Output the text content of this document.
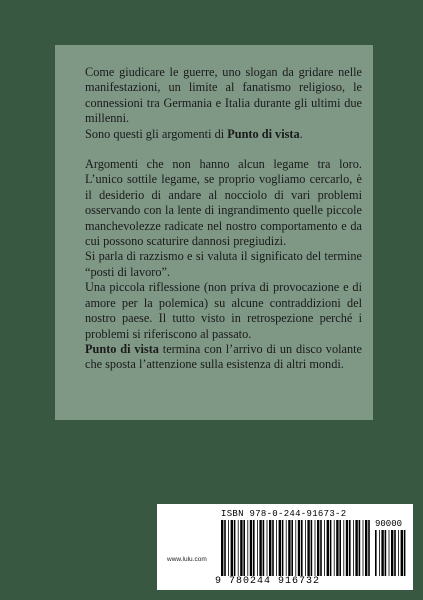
Come giudicare le guerre, uno slogan da gridare nelle manifestazioni, un limite al fanatismo religioso, le connessioni tra Germania e Italia durante gli ultimi due millenni.

Sono questi gli argomenti di Punto di vista.

Argomenti che non hanno alcun legame tra loro. L’unico sottile legame, se proprio vogliamo cercarlo, è il desiderio di andare al nocciolo di vari problemi osservando con la lente di ingrandimento quelle piccole manchevolezze radicate nel nostro comportamento e da cui possono scaturire dannosi pregiudizi.

Si parla di razzismo e si valuta il significato del termine “posti di lavoro”.

Una piccola riflessione (non priva di provocazione e di amore per la polemica) su alcune contraddizioni del nostro paese. Il tutto visto in retrospezione perché i problemi si riferiscono al passato.

Punto di vista termina con l’arrivo di un disco volante che sposta l’attenzione sulla esistenza di altri mondi.

www.lulu.com
ISBN 978-0-244-91673-2
90000
9 780244 916732
